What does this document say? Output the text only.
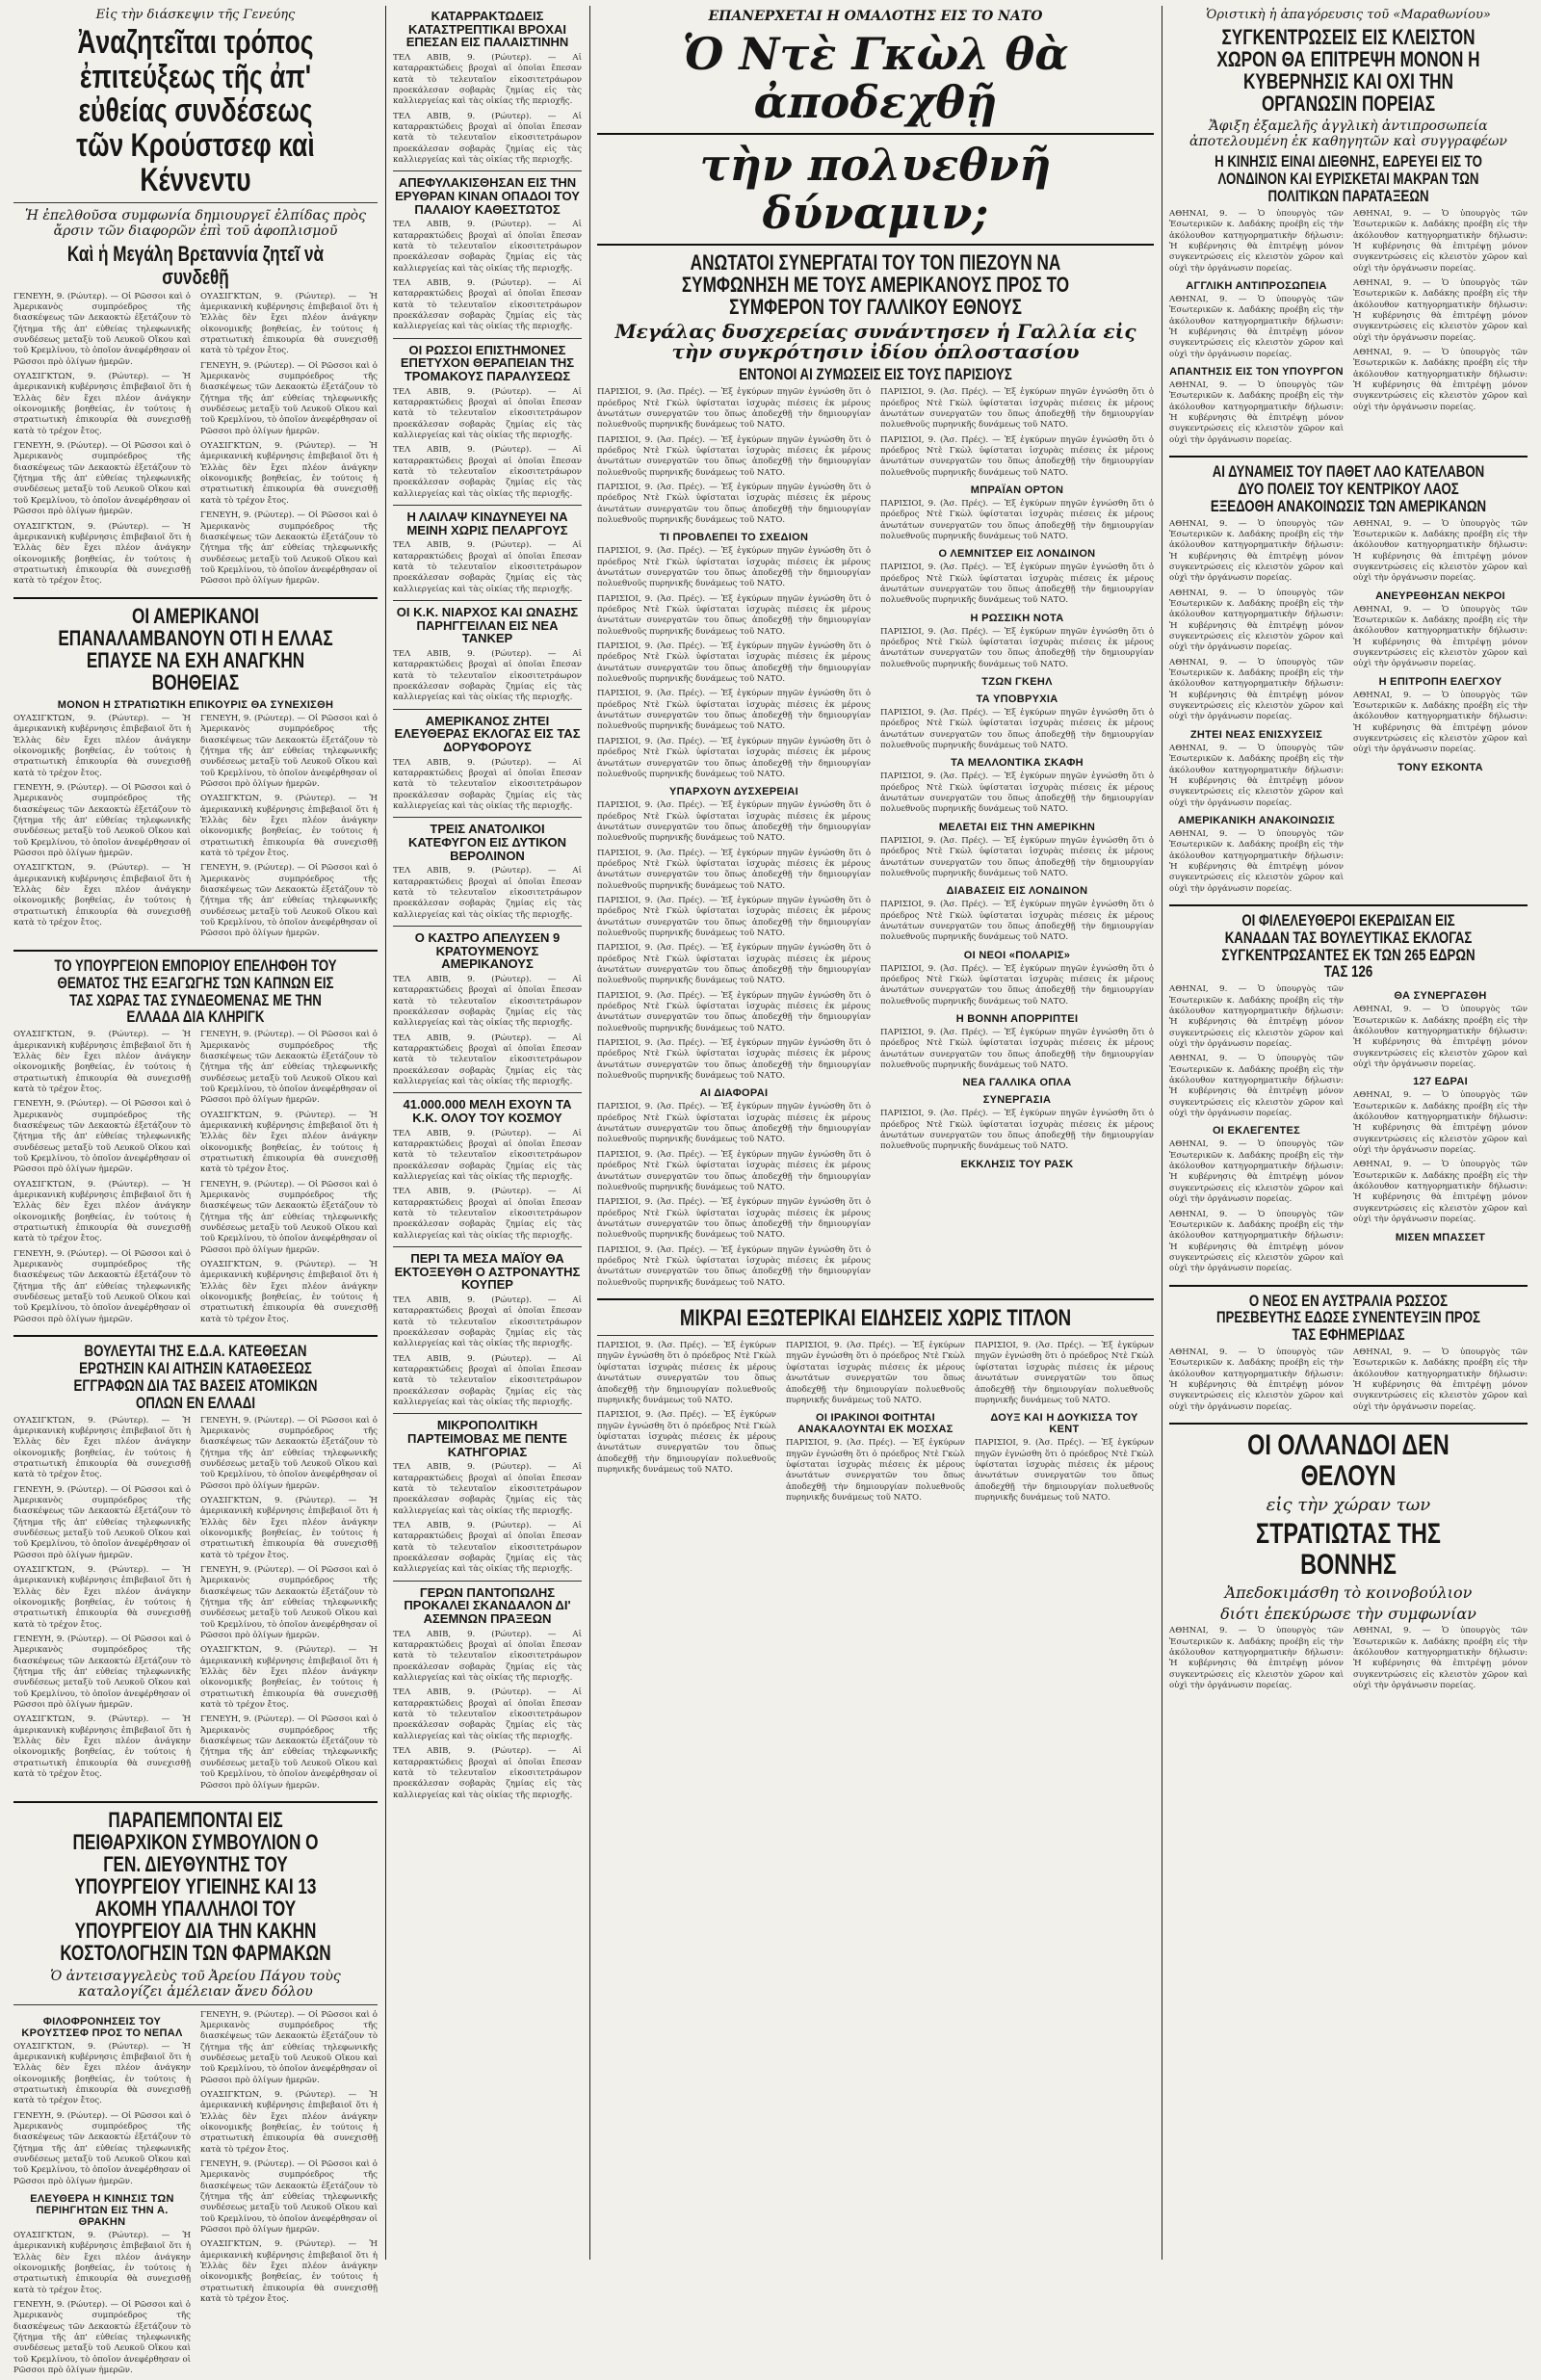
Εἰς τὴν διάσκεψιν τῆς Γενεύης
Ἀναζητεῖται τρόπος ἐπιτεύξεως τῆς ἀπ' εὐθείας συνδέσεως τῶν Κρούστσεφ καὶ Κέννεντυ
Ἡ ἐπελθοῦσα συμφωνία δημιουργεῖ ἐλπίδας πρὸς ἄρσιν τῶν διαφορῶν ἐπὶ τοῦ ἀφοπλισμοῦ
Καὶ ἡ Μεγάλη Βρεταννία ζητεῖ νὰ συνδεθῇ

ΓΕΝΕΥΗ, 9. (Ρώυτερ). — Οἱ Ρῶσσοι καὶ ὁ Ἀμερικανὸς συμπρόεδρος τῆς διασκέψεως τῶν Δεκαοκτὼ ἐξετάζουν τὸ ζήτημα τῆς ἀπ' εὐθείας τηλεφωνικῆς συνδέσεως μεταξὺ τοῦ Λευκοῦ Οἴκου καὶ τοῦ Κρεμλίνου, τὸ ὁποῖον ἀνεφέρθησαν οἱ Ρῶσσοι πρὸ ὀλίγων ἡμερῶν.

ΟΥΑΣΙΓΚΤΩΝ, 9. (Ρώυτερ). — Ἡ ἀμερικανικὴ κυβέρνησις ἐπιβεβαιοῖ ὅτι ἡ Ἑλλὰς δὲν ἔχει πλέον ἀνάγκην οἰκονομικῆς βοηθείας, ἐν τούτοις ἡ στρατιωτικὴ ἐπικουρία θὰ συνεχισθῇ κατὰ τὸ τρέχον ἔτος.

ΓΕΝΕΥΗ, 9. (Ρώυτερ). — Οἱ Ρῶσσοι καὶ ὁ Ἀμερικανὸς συμπρόεδρος τῆς διασκέψεως τῶν Δεκαοκτὼ ἐξετάζουν τὸ ζήτημα τῆς ἀπ' εὐθείας τηλεφωνικῆς συνδέσεως μεταξὺ τοῦ Λευκοῦ Οἴκου καὶ τοῦ Κρεμλίνου, τὸ ὁποῖον ἀνεφέρθησαν οἱ Ρῶσσοι πρὸ ὀλίγων ἡμερῶν.

ΟΥΑΣΙΓΚΤΩΝ, 9. (Ρώυτερ). — Ἡ ἀμερικανικὴ κυβέρνησις ἐπιβεβαιοῖ ὅτι ἡ Ἑλλὰς δὲν ἔχει πλέον ἀνάγκην οἰκονομικῆς βοηθείας, ἐν τούτοις ἡ στρατιωτικὴ ἐπικουρία θὰ συνεχισθῇ κατὰ τὸ τρέχον ἔτος.

ΟΥΑΣΙΓΚΤΩΝ, 9. (Ρώυτερ). — Ἡ ἀμερικανικὴ κυβέρνησις ἐπιβεβαιοῖ ὅτι ἡ Ἑλλὰς δὲν ἔχει πλέον ἀνάγκην οἰκονομικῆς βοηθείας, ἐν τούτοις ἡ στρατιωτικὴ ἐπικουρία θὰ συνεχισθῇ κατὰ τὸ τρέχον ἔτος.

ΓΕΝΕΥΗ, 9. (Ρώυτερ). — Οἱ Ρῶσσοι καὶ ὁ Ἀμερικανὸς συμπρόεδρος τῆς διασκέψεως τῶν Δεκαοκτὼ ἐξετάζουν τὸ ζήτημα τῆς ἀπ' εὐθείας τηλεφωνικῆς συνδέσεως μεταξὺ τοῦ Λευκοῦ Οἴκου καὶ τοῦ Κρεμλίνου, τὸ ὁποῖον ἀνεφέρθησαν οἱ Ρῶσσοι πρὸ ὀλίγων ἡμερῶν.

ΟΥΑΣΙΓΚΤΩΝ, 9. (Ρώυτερ). — Ἡ ἀμερικανικὴ κυβέρνησις ἐπιβεβαιοῖ ὅτι ἡ Ἑλλὰς δὲν ἔχει πλέον ἀνάγκην οἰκονομικῆς βοηθείας, ἐν τούτοις ἡ στρατιωτικὴ ἐπικουρία θὰ συνεχισθῇ κατὰ τὸ τρέχον ἔτος.

ΓΕΝΕΥΗ, 9. (Ρώυτερ). — Οἱ Ρῶσσοι καὶ ὁ Ἀμερικανὸς συμπρόεδρος τῆς διασκέψεως τῶν Δεκαοκτὼ ἐξετάζουν τὸ ζήτημα τῆς ἀπ' εὐθείας τηλεφωνικῆς συνδέσεως μεταξὺ τοῦ Λευκοῦ Οἴκου καὶ τοῦ Κρεμλίνου, τὸ ὁποῖον ἀνεφέρθησαν οἱ Ρῶσσοι πρὸ ὀλίγων ἡμερῶν.

ΟΙ ΑΜΕΡΙΚΑΝΟΙ ΕΠΑΝΑΛΑΜΒΑΝΟΥΝ ΟΤΙ Η ΕΛΛΑΣ ΕΠΑΥΣΕ ΝΑ ΕΧΗ ΑΝΑΓΚΗΝ ΒΟΗΘΕΙΑΣ
ΜΟΝΟΝ Η ΣΤΡΑΤΙΩΤΙΚΗ ΕΠΙΚΟΥΡΙΣ ΘΑ ΣΥΝΕΧΙΣΘΗ

ΟΥΑΣΙΓΚΤΩΝ, 9. (Ρώυτερ). — Ἡ ἀμερικανικὴ κυβέρνησις ἐπιβεβαιοῖ ὅτι ἡ Ἑλλὰς δὲν ἔχει πλέον ἀνάγκην οἰκονομικῆς βοηθείας, ἐν τούτοις ἡ στρατιωτικὴ ἐπικουρία θὰ συνεχισθῇ κατὰ τὸ τρέχον ἔτος.

ΓΕΝΕΥΗ, 9. (Ρώυτερ). — Οἱ Ρῶσσοι καὶ ὁ Ἀμερικανὸς συμπρόεδρος τῆς διασκέψεως τῶν Δεκαοκτὼ ἐξετάζουν τὸ ζήτημα τῆς ἀπ' εὐθείας τηλεφωνικῆς συνδέσεως μεταξὺ τοῦ Λευκοῦ Οἴκου καὶ τοῦ Κρεμλίνου, τὸ ὁποῖον ἀνεφέρθησαν οἱ Ρῶσσοι πρὸ ὀλίγων ἡμερῶν.

ΟΥΑΣΙΓΚΤΩΝ, 9. (Ρώυτερ). — Ἡ ἀμερικανικὴ κυβέρνησις ἐπιβεβαιοῖ ὅτι ἡ Ἑλλὰς δὲν ἔχει πλέον ἀνάγκην οἰκονομικῆς βοηθείας, ἐν τούτοις ἡ στρατιωτικὴ ἐπικουρία θὰ συνεχισθῇ κατὰ τὸ τρέχον ἔτος.

ΓΕΝΕΥΗ, 9. (Ρώυτερ). — Οἱ Ρῶσσοι καὶ ὁ Ἀμερικανὸς συμπρόεδρος τῆς διασκέψεως τῶν Δεκαοκτὼ ἐξετάζουν τὸ ζήτημα τῆς ἀπ' εὐθείας τηλεφωνικῆς συνδέσεως μεταξὺ τοῦ Λευκοῦ Οἴκου καὶ τοῦ Κρεμλίνου, τὸ ὁποῖον ἀνεφέρθησαν οἱ Ρῶσσοι πρὸ ὀλίγων ἡμερῶν.

ΟΥΑΣΙΓΚΤΩΝ, 9. (Ρώυτερ). — Ἡ ἀμερικανικὴ κυβέρνησις ἐπιβεβαιοῖ ὅτι ἡ Ἑλλὰς δὲν ἔχει πλέον ἀνάγκην οἰκονομικῆς βοηθείας, ἐν τούτοις ἡ στρατιωτικὴ ἐπικουρία θὰ συνεχισθῇ κατὰ τὸ τρέχον ἔτος.

ΓΕΝΕΥΗ, 9. (Ρώυτερ). — Οἱ Ρῶσσοι καὶ ὁ Ἀμερικανὸς συμπρόεδρος τῆς διασκέψεως τῶν Δεκαοκτὼ ἐξετάζουν τὸ ζήτημα τῆς ἀπ' εὐθείας τηλεφωνικῆς συνδέσεως μεταξὺ τοῦ Λευκοῦ Οἴκου καὶ τοῦ Κρεμλίνου, τὸ ὁποῖον ἀνεφέρθησαν οἱ Ρῶσσοι πρὸ ὀλίγων ἡμερῶν.

ΤΟ ΥΠΟΥΡΓΕΙΟΝ ΕΜΠΟΡΙΟΥ ΕΠΕΛΗΦΘΗ ΤΟΥ ΘΕΜΑΤΟΣ ΤΗΣ ΕΞΑΓΩΓΗΣ ΤΩΝ ΚΑΠΝΩΝ ΕΙΣ ΤΑΣ ΧΩΡΑΣ ΤΑΣ ΣΥΝΔΕΟΜΕΝΑΣ ΜΕ ΤΗΝ ΕΛΛΑΔΑ ΔΙΑ ΚΛΗΡΙΓΚ

ΟΥΑΣΙΓΚΤΩΝ, 9. (Ρώυτερ). — Ἡ ἀμερικανικὴ κυβέρνησις ἐπιβεβαιοῖ ὅτι ἡ Ἑλλὰς δὲν ἔχει πλέον ἀνάγκην οἰκονομικῆς βοηθείας, ἐν τούτοις ἡ στρατιωτικὴ ἐπικουρία θὰ συνεχισθῇ κατὰ τὸ τρέχον ἔτος.

ΓΕΝΕΥΗ, 9. (Ρώυτερ). — Οἱ Ρῶσσοι καὶ ὁ Ἀμερικανὸς συμπρόεδρος τῆς διασκέψεως τῶν Δεκαοκτὼ ἐξετάζουν τὸ ζήτημα τῆς ἀπ' εὐθείας τηλεφωνικῆς συνδέσεως μεταξὺ τοῦ Λευκοῦ Οἴκου καὶ τοῦ Κρεμλίνου, τὸ ὁποῖον ἀνεφέρθησαν οἱ Ρῶσσοι πρὸ ὀλίγων ἡμερῶν.

ΟΥΑΣΙΓΚΤΩΝ, 9. (Ρώυτερ). — Ἡ ἀμερικανικὴ κυβέρνησις ἐπιβεβαιοῖ ὅτι ἡ Ἑλλὰς δὲν ἔχει πλέον ἀνάγκην οἰκονομικῆς βοηθείας, ἐν τούτοις ἡ στρατιωτικὴ ἐπικουρία θὰ συνεχισθῇ κατὰ τὸ τρέχον ἔτος.

ΓΕΝΕΥΗ, 9. (Ρώυτερ). — Οἱ Ρῶσσοι καὶ ὁ Ἀμερικανὸς συμπρόεδρος τῆς διασκέψεως τῶν Δεκαοκτὼ ἐξετάζουν τὸ ζήτημα τῆς ἀπ' εὐθείας τηλεφωνικῆς συνδέσεως μεταξὺ τοῦ Λευκοῦ Οἴκου καὶ τοῦ Κρεμλίνου, τὸ ὁποῖον ἀνεφέρθησαν οἱ Ρῶσσοι πρὸ ὀλίγων ἡμερῶν.

ΓΕΝΕΥΗ, 9. (Ρώυτερ). — Οἱ Ρῶσσοι καὶ ὁ Ἀμερικανὸς συμπρόεδρος τῆς διασκέψεως τῶν Δεκαοκτὼ ἐξετάζουν τὸ ζήτημα τῆς ἀπ' εὐθείας τηλεφωνικῆς συνδέσεως μεταξὺ τοῦ Λευκοῦ Οἴκου καὶ τοῦ Κρεμλίνου, τὸ ὁποῖον ἀνεφέρθησαν οἱ Ρῶσσοι πρὸ ὀλίγων ἡμερῶν.

ΟΥΑΣΙΓΚΤΩΝ, 9. (Ρώυτερ). — Ἡ ἀμερικανικὴ κυβέρνησις ἐπιβεβαιοῖ ὅτι ἡ Ἑλλὰς δὲν ἔχει πλέον ἀνάγκην οἰκονομικῆς βοηθείας, ἐν τούτοις ἡ στρατιωτικὴ ἐπικουρία θὰ συνεχισθῇ κατὰ τὸ τρέχον ἔτος.

ΓΕΝΕΥΗ, 9. (Ρώυτερ). — Οἱ Ρῶσσοι καὶ ὁ Ἀμερικανὸς συμπρόεδρος τῆς διασκέψεως τῶν Δεκαοκτὼ ἐξετάζουν τὸ ζήτημα τῆς ἀπ' εὐθείας τηλεφωνικῆς συνδέσεως μεταξὺ τοῦ Λευκοῦ Οἴκου καὶ τοῦ Κρεμλίνου, τὸ ὁποῖον ἀνεφέρθησαν οἱ Ρῶσσοι πρὸ ὀλίγων ἡμερῶν.

ΟΥΑΣΙΓΚΤΩΝ, 9. (Ρώυτερ). — Ἡ ἀμερικανικὴ κυβέρνησις ἐπιβεβαιοῖ ὅτι ἡ Ἑλλὰς δὲν ἔχει πλέον ἀνάγκην οἰκονομικῆς βοηθείας, ἐν τούτοις ἡ στρατιωτικὴ ἐπικουρία θὰ συνεχισθῇ κατὰ τὸ τρέχον ἔτος.

ΒΟΥΛΕΥΤΑΙ ΤΗΣ Ε.Δ.Α. ΚΑΤΕΘΕΣΑΝ ΕΡΩΤΗΣΙΝ ΚΑΙ ΑΙΤΗΣΙΝ ΚΑΤΑΘΕΣΕΩΣ ΕΓΓΡΑΦΩΝ ΔΙΑ ΤΑΣ ΒΑΣΕΙΣ ΑΤΟΜΙΚΩΝ ΟΠΛΩΝ ΕΝ ΕΛΛΑΔΙ

ΟΥΑΣΙΓΚΤΩΝ, 9. (Ρώυτερ). — Ἡ ἀμερικανικὴ κυβέρνησις ἐπιβεβαιοῖ ὅτι ἡ Ἑλλὰς δὲν ἔχει πλέον ἀνάγκην οἰκονομικῆς βοηθείας, ἐν τούτοις ἡ στρατιωτικὴ ἐπικουρία θὰ συνεχισθῇ κατὰ τὸ τρέχον ἔτος.

ΓΕΝΕΥΗ, 9. (Ρώυτερ). — Οἱ Ρῶσσοι καὶ ὁ Ἀμερικανὸς συμπρόεδρος τῆς διασκέψεως τῶν Δεκαοκτὼ ἐξετάζουν τὸ ζήτημα τῆς ἀπ' εὐθείας τηλεφωνικῆς συνδέσεως μεταξὺ τοῦ Λευκοῦ Οἴκου καὶ τοῦ Κρεμλίνου, τὸ ὁποῖον ἀνεφέρθησαν οἱ Ρῶσσοι πρὸ ὀλίγων ἡμερῶν.

ΟΥΑΣΙΓΚΤΩΝ, 9. (Ρώυτερ). — Ἡ ἀμερικανικὴ κυβέρνησις ἐπιβεβαιοῖ ὅτι ἡ Ἑλλὰς δὲν ἔχει πλέον ἀνάγκην οἰκονομικῆς βοηθείας, ἐν τούτοις ἡ στρατιωτικὴ ἐπικουρία θὰ συνεχισθῇ κατὰ τὸ τρέχον ἔτος.

ΓΕΝΕΥΗ, 9. (Ρώυτερ). — Οἱ Ρῶσσοι καὶ ὁ Ἀμερικανὸς συμπρόεδρος τῆς διασκέψεως τῶν Δεκαοκτὼ ἐξετάζουν τὸ ζήτημα τῆς ἀπ' εὐθείας τηλεφωνικῆς συνδέσεως μεταξὺ τοῦ Λευκοῦ Οἴκου καὶ τοῦ Κρεμλίνου, τὸ ὁποῖον ἀνεφέρθησαν οἱ Ρῶσσοι πρὸ ὀλίγων ἡμερῶν.

ΟΥΑΣΙΓΚΤΩΝ, 9. (Ρώυτερ). — Ἡ ἀμερικανικὴ κυβέρνησις ἐπιβεβαιοῖ ὅτι ἡ Ἑλλὰς δὲν ἔχει πλέον ἀνάγκην οἰκονομικῆς βοηθείας, ἐν τούτοις ἡ στρατιωτικὴ ἐπικουρία θὰ συνεχισθῇ κατὰ τὸ τρέχον ἔτος.

ΓΕΝΕΥΗ, 9. (Ρώυτερ). — Οἱ Ρῶσσοι καὶ ὁ Ἀμερικανὸς συμπρόεδρος τῆς διασκέψεως τῶν Δεκαοκτὼ ἐξετάζουν τὸ ζήτημα τῆς ἀπ' εὐθείας τηλεφωνικῆς συνδέσεως μεταξὺ τοῦ Λευκοῦ Οἴκου καὶ τοῦ Κρεμλίνου, τὸ ὁποῖον ἀνεφέρθησαν οἱ Ρῶσσοι πρὸ ὀλίγων ἡμερῶν.

ΟΥΑΣΙΓΚΤΩΝ, 9. (Ρώυτερ). — Ἡ ἀμερικανικὴ κυβέρνησις ἐπιβεβαιοῖ ὅτι ἡ Ἑλλὰς δὲν ἔχει πλέον ἀνάγκην οἰκονομικῆς βοηθείας, ἐν τούτοις ἡ στρατιωτικὴ ἐπικουρία θὰ συνεχισθῇ κατὰ τὸ τρέχον ἔτος.

ΓΕΝΕΥΗ, 9. (Ρώυτερ). — Οἱ Ρῶσσοι καὶ ὁ Ἀμερικανὸς συμπρόεδρος τῆς διασκέψεως τῶν Δεκαοκτὼ ἐξετάζουν τὸ ζήτημα τῆς ἀπ' εὐθείας τηλεφωνικῆς συνδέσεως μεταξὺ τοῦ Λευκοῦ Οἴκου καὶ τοῦ Κρεμλίνου, τὸ ὁποῖον ἀνεφέρθησαν οἱ Ρῶσσοι πρὸ ὀλίγων ἡμερῶν.

ΟΥΑΣΙΓΚΤΩΝ, 9. (Ρώυτερ). — Ἡ ἀμερικανικὴ κυβέρνησις ἐπιβεβαιοῖ ὅτι ἡ Ἑλλὰς δὲν ἔχει πλέον ἀνάγκην οἰκονομικῆς βοηθείας, ἐν τούτοις ἡ στρατιωτικὴ ἐπικουρία θὰ συνεχισθῇ κατὰ τὸ τρέχον ἔτος.

ΓΕΝΕΥΗ, 9. (Ρώυτερ). — Οἱ Ρῶσσοι καὶ ὁ Ἀμερικανὸς συμπρόεδρος τῆς διασκέψεως τῶν Δεκαοκτὼ ἐξετάζουν τὸ ζήτημα τῆς ἀπ' εὐθείας τηλεφωνικῆς συνδέσεως μεταξὺ τοῦ Λευκοῦ Οἴκου καὶ τοῦ Κρεμλίνου, τὸ ὁποῖον ἀνεφέρθησαν οἱ Ρῶσσοι πρὸ ὀλίγων ἡμερῶν.

ΠΑΡΑΠΕΜΠΟΝΤΑΙ ΕΙΣ ΠΕΙΘΑΡΧΙΚΟΝ ΣΥΜΒΟΥΛΙΟΝ Ο ΓΕΝ. ΔΙΕΥΘΥΝΤΗΣ ΤΟΥ ΥΠΟΥΡΓΕΙΟΥ ΥΓΙΕΙΝΗΣ ΚΑΙ 13 ΑΚΟΜΗ ΥΠΑΛΛΗΛΟΙ ΤΟΥ ΥΠΟΥΡΓΕΙΟΥ ΔΙΑ ΤΗΝ ΚΑΚΗΝ ΚΟΣΤΟΛΟΓΗΣΙΝ ΤΩΝ ΦΑΡΜΑΚΩΝ
Ὁ ἀντεισαγγελεὺς τοῦ Ἀρείου Πάγου τοὺς καταλογίζει ἀμέλειαν ἄνευ δόλου
ΦΙΛΟΦΡΟΝΗΣΕΙΣ ΤΟΥ ΚΡΟΥΣΤΣΕΦ ΠΡΟΣ ΤΟ ΝΕΠΑΛ

ΟΥΑΣΙΓΚΤΩΝ, 9. (Ρώυτερ). — Ἡ ἀμερικανικὴ κυβέρνησις ἐπιβεβαιοῖ ὅτι ἡ Ἑλλὰς δὲν ἔχει πλέον ἀνάγκην οἰκονομικῆς βοηθείας, ἐν τούτοις ἡ στρατιωτικὴ ἐπικουρία θὰ συνεχισθῇ κατὰ τὸ τρέχον ἔτος.

ΓΕΝΕΥΗ, 9. (Ρώυτερ). — Οἱ Ρῶσσοι καὶ ὁ Ἀμερικανὸς συμπρόεδρος τῆς διασκέψεως τῶν Δεκαοκτὼ ἐξετάζουν τὸ ζήτημα τῆς ἀπ' εὐθείας τηλεφωνικῆς συνδέσεως μεταξὺ τοῦ Λευκοῦ Οἴκου καὶ τοῦ Κρεμλίνου, τὸ ὁποῖον ἀνεφέρθησαν οἱ Ρῶσσοι πρὸ ὀλίγων ἡμερῶν.

ΕΛΕΥΘΕΡΑ Η ΚΙΝΗΣΙΣ ΤΩΝ ΠΕΡΙΗΓΗΤΩΝ ΕΙΣ ΤΗΝ Α. ΘΡΑΚΗΝ

ΟΥΑΣΙΓΚΤΩΝ, 9. (Ρώυτερ). — Ἡ ἀμερικανικὴ κυβέρνησις ἐπιβεβαιοῖ ὅτι ἡ Ἑλλὰς δὲν ἔχει πλέον ἀνάγκην οἰκονομικῆς βοηθείας, ἐν τούτοις ἡ στρατιωτικὴ ἐπικουρία θὰ συνεχισθῇ κατὰ τὸ τρέχον ἔτος.

ΓΕΝΕΥΗ, 9. (Ρώυτερ). — Οἱ Ρῶσσοι καὶ ὁ Ἀμερικανὸς συμπρόεδρος τῆς διασκέψεως τῶν Δεκαοκτὼ ἐξετάζουν τὸ ζήτημα τῆς ἀπ' εὐθείας τηλεφωνικῆς συνδέσεως μεταξὺ τοῦ Λευκοῦ Οἴκου καὶ τοῦ Κρεμλίνου, τὸ ὁποῖον ἀνεφέρθησαν οἱ Ρῶσσοι πρὸ ὀλίγων ἡμερῶν.

ΓΕΝΕΥΗ, 9. (Ρώυτερ). — Οἱ Ρῶσσοι καὶ ὁ Ἀμερικανὸς συμπρόεδρος τῆς διασκέψεως τῶν Δεκαοκτὼ ἐξετάζουν τὸ ζήτημα τῆς ἀπ' εὐθείας τηλεφωνικῆς συνδέσεως μεταξὺ τοῦ Λευκοῦ Οἴκου καὶ τοῦ Κρεμλίνου, τὸ ὁποῖον ἀνεφέρθησαν οἱ Ρῶσσοι πρὸ ὀλίγων ἡμερῶν.

ΟΥΑΣΙΓΚΤΩΝ, 9. (Ρώυτερ). — Ἡ ἀμερικανικὴ κυβέρνησις ἐπιβεβαιοῖ ὅτι ἡ Ἑλλὰς δὲν ἔχει πλέον ἀνάγκην οἰκονομικῆς βοηθείας, ἐν τούτοις ἡ στρατιωτικὴ ἐπικουρία θὰ συνεχισθῇ κατὰ τὸ τρέχον ἔτος.

ΓΕΝΕΥΗ, 9. (Ρώυτερ). — Οἱ Ρῶσσοι καὶ ὁ Ἀμερικανὸς συμπρόεδρος τῆς διασκέψεως τῶν Δεκαοκτὼ ἐξετάζουν τὸ ζήτημα τῆς ἀπ' εὐθείας τηλεφωνικῆς συνδέσεως μεταξὺ τοῦ Λευκοῦ Οἴκου καὶ τοῦ Κρεμλίνου, τὸ ὁποῖον ἀνεφέρθησαν οἱ Ρῶσσοι πρὸ ὀλίγων ἡμερῶν.

ΟΥΑΣΙΓΚΤΩΝ, 9. (Ρώυτερ). — Ἡ ἀμερικανικὴ κυβέρνησις ἐπιβεβαιοῖ ὅτι ἡ Ἑλλὰς δὲν ἔχει πλέον ἀνάγκην οἰκονομικῆς βοηθείας, ἐν τούτοις ἡ στρατιωτικὴ ἐπικουρία θὰ συνεχισθῇ κατὰ τὸ τρέχον ἔτος.

ΚΑΤΑΡΡΑΚΤΩΔΕΙΣ ΚΑΤΑΣΤΡΕΠΤΙΚΑΙ ΒΡΟΧΑΙ ΕΠΕΣΑΝ ΕΙΣ ΠΑΛΑΙΣΤΙΝΗΝ

ΤΕΛ ΑΒΙΒ, 9. (Ρώυτερ). — Αἱ καταρρακτώδεις βροχαὶ αἱ ὁποῖαι ἔπεσαν κατὰ τὸ τελευταῖον εἰκοσιτετράωρον προεκάλεσαν σοβαρὰς ζημίας εἰς τὰς καλλιεργείας καὶ τὰς οἰκίας τῆς περιοχῆς.

ΤΕΛ ΑΒΙΒ, 9. (Ρώυτερ). — Αἱ καταρρακτώδεις βροχαὶ αἱ ὁποῖαι ἔπεσαν κατὰ τὸ τελευταῖον εἰκοσιτετράωρον προεκάλεσαν σοβαρὰς ζημίας εἰς τὰς καλλιεργείας καὶ τὰς οἰκίας τῆς περιοχῆς.

ΑΠΕΦΥΛΑΚΙΣΘΗΣΑΝ ΕΙΣ ΤΗΝ ΕΡΥΘΡΑΝ ΚΙΝΑΝ ΟΠΑΔΟΙ ΤΟΥ ΠΑΛΑΙΟΥ ΚΑΘΕΣΤΩΤΟΣ

ΤΕΛ ΑΒΙΒ, 9. (Ρώυτερ). — Αἱ καταρρακτώδεις βροχαὶ αἱ ὁποῖαι ἔπεσαν κατὰ τὸ τελευταῖον εἰκοσιτετράωρον προεκάλεσαν σοβαρὰς ζημίας εἰς τὰς καλλιεργείας καὶ τὰς οἰκίας τῆς περιοχῆς.

ΤΕΛ ΑΒΙΒ, 9. (Ρώυτερ). — Αἱ καταρρακτώδεις βροχαὶ αἱ ὁποῖαι ἔπεσαν κατὰ τὸ τελευταῖον εἰκοσιτετράωρον προεκάλεσαν σοβαρὰς ζημίας εἰς τὰς καλλιεργείας καὶ τὰς οἰκίας τῆς περιοχῆς.

ΟΙ ΡΩΣΣΟΙ ΕΠΙΣΤΗΜΟΝΕΣ ΕΠΕΤΥΧΟΝ ΘΕΡΑΠΕΙΑΝ ΤΗΣ ΤΡΟΜΑΚΟΥΣ ΠΑΡΑΛΥΣΕΩΣ

ΤΕΛ ΑΒΙΒ, 9. (Ρώυτερ). — Αἱ καταρρακτώδεις βροχαὶ αἱ ὁποῖαι ἔπεσαν κατὰ τὸ τελευταῖον εἰκοσιτετράωρον προεκάλεσαν σοβαρὰς ζημίας εἰς τὰς καλλιεργείας καὶ τὰς οἰκίας τῆς περιοχῆς.

ΤΕΛ ΑΒΙΒ, 9. (Ρώυτερ). — Αἱ καταρρακτώδεις βροχαὶ αἱ ὁποῖαι ἔπεσαν κατὰ τὸ τελευταῖον εἰκοσιτετράωρον προεκάλεσαν σοβαρὰς ζημίας εἰς τὰς καλλιεργείας καὶ τὰς οἰκίας τῆς περιοχῆς.

Η ΛΑΙΛΑΨ ΚΙΝΔΥΝΕΥΕΙ ΝΑ ΜΕΙΝΗ ΧΩΡΙΣ ΠΕΛΑΡΓΟΥΣ

ΤΕΛ ΑΒΙΒ, 9. (Ρώυτερ). — Αἱ καταρρακτώδεις βροχαὶ αἱ ὁποῖαι ἔπεσαν κατὰ τὸ τελευταῖον εἰκοσιτετράωρον προεκάλεσαν σοβαρὰς ζημίας εἰς τὰς καλλιεργείας καὶ τὰς οἰκίας τῆς περιοχῆς.

ΟΙ Κ.Κ. ΝΙΑΡΧΟΣ ΚΑΙ ΩΝΑΣΗΣ ΠΑΡΗΓΓΕΙΛΑΝ ΕΙΣ ΝΕΑ ΤΑΝΚΕΡ

ΤΕΛ ΑΒΙΒ, 9. (Ρώυτερ). — Αἱ καταρρακτώδεις βροχαὶ αἱ ὁποῖαι ἔπεσαν κατὰ τὸ τελευταῖον εἰκοσιτετράωρον προεκάλεσαν σοβαρὰς ζημίας εἰς τὰς καλλιεργείας καὶ τὰς οἰκίας τῆς περιοχῆς.

ΑΜΕΡΙΚΑΝΟΣ ΖΗΤΕΙ ΕΛΕΥΘΕΡΑΣ ΕΚΛΟΓΑΣ ΕΙΣ ΤΑΣ ΔΟΡΥΦΟΡΟΥΣ

ΤΕΛ ΑΒΙΒ, 9. (Ρώυτερ). — Αἱ καταρρακτώδεις βροχαὶ αἱ ὁποῖαι ἔπεσαν κατὰ τὸ τελευταῖον εἰκοσιτετράωρον προεκάλεσαν σοβαρὰς ζημίας εἰς τὰς καλλιεργείας καὶ τὰς οἰκίας τῆς περιοχῆς.

ΤΡΕΙΣ ΑΝΑΤΟΛΙΚΟΙ ΚΑΤΕΦΥΓΟΝ ΕΙΣ ΔΥΤΙΚΟΝ ΒΕΡΟΛΙΝΟΝ

ΤΕΛ ΑΒΙΒ, 9. (Ρώυτερ). — Αἱ καταρρακτώδεις βροχαὶ αἱ ὁποῖαι ἔπεσαν κατὰ τὸ τελευταῖον εἰκοσιτετράωρον προεκάλεσαν σοβαρὰς ζημίας εἰς τὰς καλλιεργείας καὶ τὰς οἰκίας τῆς περιοχῆς.

Ο ΚΑΣΤΡΟ ΑΠΕΛΥΣΕΝ 9 ΚΡΑΤΟΥΜΕΝΟΥΣ ΑΜΕΡΙΚΑΝΟΥΣ

ΤΕΛ ΑΒΙΒ, 9. (Ρώυτερ). — Αἱ καταρρακτώδεις βροχαὶ αἱ ὁποῖαι ἔπεσαν κατὰ τὸ τελευταῖον εἰκοσιτετράωρον προεκάλεσαν σοβαρὰς ζημίας εἰς τὰς καλλιεργείας καὶ τὰς οἰκίας τῆς περιοχῆς.

ΤΕΛ ΑΒΙΒ, 9. (Ρώυτερ). — Αἱ καταρρακτώδεις βροχαὶ αἱ ὁποῖαι ἔπεσαν κατὰ τὸ τελευταῖον εἰκοσιτετράωρον προεκάλεσαν σοβαρὰς ζημίας εἰς τὰς καλλιεργείας καὶ τὰς οἰκίας τῆς περιοχῆς.

41.000.000 ΜΕΛΗ ΕΧΟΥΝ ΤΑ Κ.Κ. ΟΛΟΥ ΤΟΥ ΚΟΣΜΟΥ

ΤΕΛ ΑΒΙΒ, 9. (Ρώυτερ). — Αἱ καταρρακτώδεις βροχαὶ αἱ ὁποῖαι ἔπεσαν κατὰ τὸ τελευταῖον εἰκοσιτετράωρον προεκάλεσαν σοβαρὰς ζημίας εἰς τὰς καλλιεργείας καὶ τὰς οἰκίας τῆς περιοχῆς.

ΤΕΛ ΑΒΙΒ, 9. (Ρώυτερ). — Αἱ καταρρακτώδεις βροχαὶ αἱ ὁποῖαι ἔπεσαν κατὰ τὸ τελευταῖον εἰκοσιτετράωρον προεκάλεσαν σοβαρὰς ζημίας εἰς τὰς καλλιεργείας καὶ τὰς οἰκίας τῆς περιοχῆς.

ΠΕΡΙ ΤΑ ΜΕΣΑ ΜΑΪΟΥ ΘΑ ΕΚΤΟΞΕΥΘΗ Ο ΑΣΤΡΟΝΑΥΤΗΣ ΚΟΥΠΕΡ

ΤΕΛ ΑΒΙΒ, 9. (Ρώυτερ). — Αἱ καταρρακτώδεις βροχαὶ αἱ ὁποῖαι ἔπεσαν κατὰ τὸ τελευταῖον εἰκοσιτετράωρον προεκάλεσαν σοβαρὰς ζημίας εἰς τὰς καλλιεργείας καὶ τὰς οἰκίας τῆς περιοχῆς.

ΤΕΛ ΑΒΙΒ, 9. (Ρώυτερ). — Αἱ καταρρακτώδεις βροχαὶ αἱ ὁποῖαι ἔπεσαν κατὰ τὸ τελευταῖον εἰκοσιτετράωρον προεκάλεσαν σοβαρὰς ζημίας εἰς τὰς καλλιεργείας καὶ τὰς οἰκίας τῆς περιοχῆς.

ΜΙΚΡΟΠΟΛΙΤΙΚΗ ΠΑΡΤΕΙΜΟΒΑΣ ΜΕ ΠΕΝΤΕ ΚΑΤΗΓΟΡΙΑΣ

ΤΕΛ ΑΒΙΒ, 9. (Ρώυτερ). — Αἱ καταρρακτώδεις βροχαὶ αἱ ὁποῖαι ἔπεσαν κατὰ τὸ τελευταῖον εἰκοσιτετράωρον προεκάλεσαν σοβαρὰς ζημίας εἰς τὰς καλλιεργείας καὶ τὰς οἰκίας τῆς περιοχῆς.

ΤΕΛ ΑΒΙΒ, 9. (Ρώυτερ). — Αἱ καταρρακτώδεις βροχαὶ αἱ ὁποῖαι ἔπεσαν κατὰ τὸ τελευταῖον εἰκοσιτετράωρον προεκάλεσαν σοβαρὰς ζημίας εἰς τὰς καλλιεργείας καὶ τὰς οἰκίας τῆς περιοχῆς.

ΓΕΡΩΝ ΠΑΝΤΟΠΩΛΗΣ ΠΡΟΚΑΛΕΙ ΣΚΑΝΔΑΛΟΝ ΔΙ' ΑΣΕΜΝΩΝ ΠΡΑΞΕΩΝ

ΤΕΛ ΑΒΙΒ, 9. (Ρώυτερ). — Αἱ καταρρακτώδεις βροχαὶ αἱ ὁποῖαι ἔπεσαν κατὰ τὸ τελευταῖον εἰκοσιτετράωρον προεκάλεσαν σοβαρὰς ζημίας εἰς τὰς καλλιεργείας καὶ τὰς οἰκίας τῆς περιοχῆς.

ΤΕΛ ΑΒΙΒ, 9. (Ρώυτερ). — Αἱ καταρρακτώδεις βροχαὶ αἱ ὁποῖαι ἔπεσαν κατὰ τὸ τελευταῖον εἰκοσιτετράωρον προεκάλεσαν σοβαρὰς ζημίας εἰς τὰς καλλιεργείας καὶ τὰς οἰκίας τῆς περιοχῆς.

ΤΕΛ ΑΒΙΒ, 9. (Ρώυτερ). — Αἱ καταρρακτώδεις βροχαὶ αἱ ὁποῖαι ἔπεσαν κατὰ τὸ τελευταῖον εἰκοσιτετράωρον προεκάλεσαν σοβαρὰς ζημίας εἰς τὰς καλλιεργείας καὶ τὰς οἰκίας τῆς περιοχῆς.

ΕΠΑΝΕΡΧΕΤΑΙ Η ΟΜΑΛΟΤΗΣ ΕΙΣ ΤΟ ΝΑΤΟ
Ὁ Ντὲ Γκὼλ θὰ ἀποδεχθῇ
τὴν πολυεθνῆ δύναμιν;
ΑΝΩΤΑΤΟΙ ΣΥΝΕΡΓΑΤΑΙ ΤΟΥ ΤΟΝ ΠΙΕΖΟΥΝ ΝΑ ΣΥΜΦΩΝΗΣΗ ΜΕ ΤΟΥΣ ΑΜΕΡΙΚΑΝΟΥΣ ΠΡΟΣ ΤΟ ΣΥΜΦΕΡΟΝ ΤΟΥ ΓΑΛΛΙΚΟΥ ΕΘΝΟΥΣ
Μεγάλας δυσχερείας συνάντησεν ἡ Γαλλία εἰς τὴν συγκρότησιν ἰδίου ὁπλοστασίου
ΕΝΤΟΝΟΙ ΑΙ ΖΥΜΩΣΕΙΣ ΕΙΣ ΤΟΥΣ ΠΑΡΙΣΙΟΥΣ

ΠΑΡΙΣΙΟΙ, 9. (Ἀσ. Πρές). — Ἐξ ἐγκύρων πηγῶν ἐγνώσθη ὅτι ὁ πρόεδρος Ντὲ Γκὼλ ὑφίσταται ἰσχυρὰς πιέσεις ἐκ μέρους ἀνωτάτων συνεργατῶν του ὅπως ἀποδεχθῇ τὴν δημιουργίαν πολυεθνοῦς πυρηνικῆς δυνάμεως τοῦ ΝΑΤΟ.

ΠΑΡΙΣΙΟΙ, 9. (Ἀσ. Πρές). — Ἐξ ἐγκύρων πηγῶν ἐγνώσθη ὅτι ὁ πρόεδρος Ντὲ Γκὼλ ὑφίσταται ἰσχυρὰς πιέσεις ἐκ μέρους ἀνωτάτων συνεργατῶν του ὅπως ἀποδεχθῇ τὴν δημιουργίαν πολυεθνοῦς πυρηνικῆς δυνάμεως τοῦ ΝΑΤΟ.

ΠΑΡΙΣΙΟΙ, 9. (Ἀσ. Πρές). — Ἐξ ἐγκύρων πηγῶν ἐγνώσθη ὅτι ὁ πρόεδρος Ντὲ Γκὼλ ὑφίσταται ἰσχυρὰς πιέσεις ἐκ μέρους ἀνωτάτων συνεργατῶν του ὅπως ἀποδεχθῇ τὴν δημιουργίαν πολυεθνοῦς πυρηνικῆς δυνάμεως τοῦ ΝΑΤΟ.

ΤΙ ΠΡΟΒΛΕΠΕΙ ΤΟ ΣΧΕΔΙΟΝ

ΠΑΡΙΣΙΟΙ, 9. (Ἀσ. Πρές). — Ἐξ ἐγκύρων πηγῶν ἐγνώσθη ὅτι ὁ πρόεδρος Ντὲ Γκὼλ ὑφίσταται ἰσχυρὰς πιέσεις ἐκ μέρους ἀνωτάτων συνεργατῶν του ὅπως ἀποδεχθῇ τὴν δημιουργίαν πολυεθνοῦς πυρηνικῆς δυνάμεως τοῦ ΝΑΤΟ.

ΠΑΡΙΣΙΟΙ, 9. (Ἀσ. Πρές). — Ἐξ ἐγκύρων πηγῶν ἐγνώσθη ὅτι ὁ πρόεδρος Ντὲ Γκὼλ ὑφίσταται ἰσχυρὰς πιέσεις ἐκ μέρους ἀνωτάτων συνεργατῶν του ὅπως ἀποδεχθῇ τὴν δημιουργίαν πολυεθνοῦς πυρηνικῆς δυνάμεως τοῦ ΝΑΤΟ.

ΠΑΡΙΣΙΟΙ, 9. (Ἀσ. Πρές). — Ἐξ ἐγκύρων πηγῶν ἐγνώσθη ὅτι ὁ πρόεδρος Ντὲ Γκὼλ ὑφίσταται ἰσχυρὰς πιέσεις ἐκ μέρους ἀνωτάτων συνεργατῶν του ὅπως ἀποδεχθῇ τὴν δημιουργίαν πολυεθνοῦς πυρηνικῆς δυνάμεως τοῦ ΝΑΤΟ.

ΠΑΡΙΣΙΟΙ, 9. (Ἀσ. Πρές). — Ἐξ ἐγκύρων πηγῶν ἐγνώσθη ὅτι ὁ πρόεδρος Ντὲ Γκὼλ ὑφίσταται ἰσχυρὰς πιέσεις ἐκ μέρους ἀνωτάτων συνεργατῶν του ὅπως ἀποδεχθῇ τὴν δημιουργίαν πολυεθνοῦς πυρηνικῆς δυνάμεως τοῦ ΝΑΤΟ.

ΠΑΡΙΣΙΟΙ, 9. (Ἀσ. Πρές). — Ἐξ ἐγκύρων πηγῶν ἐγνώσθη ὅτι ὁ πρόεδρος Ντὲ Γκὼλ ὑφίσταται ἰσχυρὰς πιέσεις ἐκ μέρους ἀνωτάτων συνεργατῶν του ὅπως ἀποδεχθῇ τὴν δημιουργίαν πολυεθνοῦς πυρηνικῆς δυνάμεως τοῦ ΝΑΤΟ.

ΥΠΑΡΧΟΥΝ ΔΥΣΧΕΡΕΙΑΙ

ΠΑΡΙΣΙΟΙ, 9. (Ἀσ. Πρές). — Ἐξ ἐγκύρων πηγῶν ἐγνώσθη ὅτι ὁ πρόεδρος Ντὲ Γκὼλ ὑφίσταται ἰσχυρὰς πιέσεις ἐκ μέρους ἀνωτάτων συνεργατῶν του ὅπως ἀποδεχθῇ τὴν δημιουργίαν πολυεθνοῦς πυρηνικῆς δυνάμεως τοῦ ΝΑΤΟ.

ΠΑΡΙΣΙΟΙ, 9. (Ἀσ. Πρές). — Ἐξ ἐγκύρων πηγῶν ἐγνώσθη ὅτι ὁ πρόεδρος Ντὲ Γκὼλ ὑφίσταται ἰσχυρὰς πιέσεις ἐκ μέρους ἀνωτάτων συνεργατῶν του ὅπως ἀποδεχθῇ τὴν δημιουργίαν πολυεθνοῦς πυρηνικῆς δυνάμεως τοῦ ΝΑΤΟ.

ΠΑΡΙΣΙΟΙ, 9. (Ἀσ. Πρές). — Ἐξ ἐγκύρων πηγῶν ἐγνώσθη ὅτι ὁ πρόεδρος Ντὲ Γκὼλ ὑφίσταται ἰσχυρὰς πιέσεις ἐκ μέρους ἀνωτάτων συνεργατῶν του ὅπως ἀποδεχθῇ τὴν δημιουργίαν πολυεθνοῦς πυρηνικῆς δυνάμεως τοῦ ΝΑΤΟ.

ΠΑΡΙΣΙΟΙ, 9. (Ἀσ. Πρές). — Ἐξ ἐγκύρων πηγῶν ἐγνώσθη ὅτι ὁ πρόεδρος Ντὲ Γκὼλ ὑφίσταται ἰσχυρὰς πιέσεις ἐκ μέρους ἀνωτάτων συνεργατῶν του ὅπως ἀποδεχθῇ τὴν δημιουργίαν πολυεθνοῦς πυρηνικῆς δυνάμεως τοῦ ΝΑΤΟ.

ΠΑΡΙΣΙΟΙ, 9. (Ἀσ. Πρές). — Ἐξ ἐγκύρων πηγῶν ἐγνώσθη ὅτι ὁ πρόεδρος Ντὲ Γκὼλ ὑφίσταται ἰσχυρὰς πιέσεις ἐκ μέρους ἀνωτάτων συνεργατῶν του ὅπως ἀποδεχθῇ τὴν δημιουργίαν πολυεθνοῦς πυρηνικῆς δυνάμεως τοῦ ΝΑΤΟ.

ΠΑΡΙΣΙΟΙ, 9. (Ἀσ. Πρές). — Ἐξ ἐγκύρων πηγῶν ἐγνώσθη ὅτι ὁ πρόεδρος Ντὲ Γκὼλ ὑφίσταται ἰσχυρὰς πιέσεις ἐκ μέρους ἀνωτάτων συνεργατῶν του ὅπως ἀποδεχθῇ τὴν δημιουργίαν πολυεθνοῦς πυρηνικῆς δυνάμεως τοῦ ΝΑΤΟ.

ΑΙ ΔΙΑΦΟΡΑΙ

ΠΑΡΙΣΙΟΙ, 9. (Ἀσ. Πρές). — Ἐξ ἐγκύρων πηγῶν ἐγνώσθη ὅτι ὁ πρόεδρος Ντὲ Γκὼλ ὑφίσταται ἰσχυρὰς πιέσεις ἐκ μέρους ἀνωτάτων συνεργατῶν του ὅπως ἀποδεχθῇ τὴν δημιουργίαν πολυεθνοῦς πυρηνικῆς δυνάμεως τοῦ ΝΑΤΟ.

ΠΑΡΙΣΙΟΙ, 9. (Ἀσ. Πρές). — Ἐξ ἐγκύρων πηγῶν ἐγνώσθη ὅτι ὁ πρόεδρος Ντὲ Γκὼλ ὑφίσταται ἰσχυρὰς πιέσεις ἐκ μέρους ἀνωτάτων συνεργατῶν του ὅπως ἀποδεχθῇ τὴν δημιουργίαν πολυεθνοῦς πυρηνικῆς δυνάμεως τοῦ ΝΑΤΟ.

ΠΑΡΙΣΙΟΙ, 9. (Ἀσ. Πρές). — Ἐξ ἐγκύρων πηγῶν ἐγνώσθη ὅτι ὁ πρόεδρος Ντὲ Γκὼλ ὑφίσταται ἰσχυρὰς πιέσεις ἐκ μέρους ἀνωτάτων συνεργατῶν του ὅπως ἀποδεχθῇ τὴν δημιουργίαν πολυεθνοῦς πυρηνικῆς δυνάμεως τοῦ ΝΑΤΟ.

ΠΑΡΙΣΙΟΙ, 9. (Ἀσ. Πρές). — Ἐξ ἐγκύρων πηγῶν ἐγνώσθη ὅτι ὁ πρόεδρος Ντὲ Γκὼλ ὑφίσταται ἰσχυρὰς πιέσεις ἐκ μέρους ἀνωτάτων συνεργατῶν του ὅπως ἀποδεχθῇ τὴν δημιουργίαν πολυεθνοῦς πυρηνικῆς δυνάμεως τοῦ ΝΑΤΟ.

ΠΑΡΙΣΙΟΙ, 9. (Ἀσ. Πρές). — Ἐξ ἐγκύρων πηγῶν ἐγνώσθη ὅτι ὁ πρόεδρος Ντὲ Γκὼλ ὑφίσταται ἰσχυρὰς πιέσεις ἐκ μέρους ἀνωτάτων συνεργατῶν του ὅπως ἀποδεχθῇ τὴν δημιουργίαν πολυεθνοῦς πυρηνικῆς δυνάμεως τοῦ ΝΑΤΟ.

ΠΑΡΙΣΙΟΙ, 9. (Ἀσ. Πρές). — Ἐξ ἐγκύρων πηγῶν ἐγνώσθη ὅτι ὁ πρόεδρος Ντὲ Γκὼλ ὑφίσταται ἰσχυρὰς πιέσεις ἐκ μέρους ἀνωτάτων συνεργατῶν του ὅπως ἀποδεχθῇ τὴν δημιουργίαν πολυεθνοῦς πυρηνικῆς δυνάμεως τοῦ ΝΑΤΟ.

ΜΠΡΑΪΑΝ ΟΡΤΟΝ

ΠΑΡΙΣΙΟΙ, 9. (Ἀσ. Πρές). — Ἐξ ἐγκύρων πηγῶν ἐγνώσθη ὅτι ὁ πρόεδρος Ντὲ Γκὼλ ὑφίσταται ἰσχυρὰς πιέσεις ἐκ μέρους ἀνωτάτων συνεργατῶν του ὅπως ἀποδεχθῇ τὴν δημιουργίαν πολυεθνοῦς πυρηνικῆς δυνάμεως τοῦ ΝΑΤΟ.

Ο ΛΕΜΝΙΤΣΕΡ ΕΙΣ ΛΟΝΔΙΝΟΝ

ΠΑΡΙΣΙΟΙ, 9. (Ἀσ. Πρές). — Ἐξ ἐγκύρων πηγῶν ἐγνώσθη ὅτι ὁ πρόεδρος Ντὲ Γκὼλ ὑφίσταται ἰσχυρὰς πιέσεις ἐκ μέρους ἀνωτάτων συνεργατῶν του ὅπως ἀποδεχθῇ τὴν δημιουργίαν πολυεθνοῦς πυρηνικῆς δυνάμεως τοῦ ΝΑΤΟ.

Η ΡΩΣΣΙΚΗ ΝΟΤΑ

ΠΑΡΙΣΙΟΙ, 9. (Ἀσ. Πρές). — Ἐξ ἐγκύρων πηγῶν ἐγνώσθη ὅτι ὁ πρόεδρος Ντὲ Γκὼλ ὑφίσταται ἰσχυρὰς πιέσεις ἐκ μέρους ἀνωτάτων συνεργατῶν του ὅπως ἀποδεχθῇ τὴν δημιουργίαν πολυεθνοῦς πυρηνικῆς δυνάμεως τοῦ ΝΑΤΟ.

ΤΖΩΝ ΓΚΕΗΛ
ΤΑ ΥΠΟΒΡΥΧΙΑ

ΠΑΡΙΣΙΟΙ, 9. (Ἀσ. Πρές). — Ἐξ ἐγκύρων πηγῶν ἐγνώσθη ὅτι ὁ πρόεδρος Ντὲ Γκὼλ ὑφίσταται ἰσχυρὰς πιέσεις ἐκ μέρους ἀνωτάτων συνεργατῶν του ὅπως ἀποδεχθῇ τὴν δημιουργίαν πολυεθνοῦς πυρηνικῆς δυνάμεως τοῦ ΝΑΤΟ.

ΤΑ ΜΕΛΛΟΝΤΙΚΑ ΣΚΑΦΗ

ΠΑΡΙΣΙΟΙ, 9. (Ἀσ. Πρές). — Ἐξ ἐγκύρων πηγῶν ἐγνώσθη ὅτι ὁ πρόεδρος Ντὲ Γκὼλ ὑφίσταται ἰσχυρὰς πιέσεις ἐκ μέρους ἀνωτάτων συνεργατῶν του ὅπως ἀποδεχθῇ τὴν δημιουργίαν πολυεθνοῦς πυρηνικῆς δυνάμεως τοῦ ΝΑΤΟ.

ΜΕΛΕΤΑΙ ΕΙΣ ΤΗΝ ΑΜΕΡΙΚΗΝ

ΠΑΡΙΣΙΟΙ, 9. (Ἀσ. Πρές). — Ἐξ ἐγκύρων πηγῶν ἐγνώσθη ὅτι ὁ πρόεδρος Ντὲ Γκὼλ ὑφίσταται ἰσχυρὰς πιέσεις ἐκ μέρους ἀνωτάτων συνεργατῶν του ὅπως ἀποδεχθῇ τὴν δημιουργίαν πολυεθνοῦς πυρηνικῆς δυνάμεως τοῦ ΝΑΤΟ.

ΔΙΑΒΑΣΕΙΣ ΕΙΣ ΛΟΝΔΙΝΟΝ

ΠΑΡΙΣΙΟΙ, 9. (Ἀσ. Πρές). — Ἐξ ἐγκύρων πηγῶν ἐγνώσθη ὅτι ὁ πρόεδρος Ντὲ Γκὼλ ὑφίσταται ἰσχυρὰς πιέσεις ἐκ μέρους ἀνωτάτων συνεργατῶν του ὅπως ἀποδεχθῇ τὴν δημιουργίαν πολυεθνοῦς πυρηνικῆς δυνάμεως τοῦ ΝΑΤΟ.

ΟΙ ΝΕΟΙ «ΠΟΛΑΡΙΣ»

ΠΑΡΙΣΙΟΙ, 9. (Ἀσ. Πρές). — Ἐξ ἐγκύρων πηγῶν ἐγνώσθη ὅτι ὁ πρόεδρος Ντὲ Γκὼλ ὑφίσταται ἰσχυρὰς πιέσεις ἐκ μέρους ἀνωτάτων συνεργατῶν του ὅπως ἀποδεχθῇ τὴν δημιουργίαν πολυεθνοῦς πυρηνικῆς δυνάμεως τοῦ ΝΑΤΟ.

Η ΒΟΝΝΗ ΑΠΟΡΡΙΠΤΕΙ

ΠΑΡΙΣΙΟΙ, 9. (Ἀσ. Πρές). — Ἐξ ἐγκύρων πηγῶν ἐγνώσθη ὅτι ὁ πρόεδρος Ντὲ Γκὼλ ὑφίσταται ἰσχυρὰς πιέσεις ἐκ μέρους ἀνωτάτων συνεργατῶν του ὅπως ἀποδεχθῇ τὴν δημιουργίαν πολυεθνοῦς πυρηνικῆς δυνάμεως τοῦ ΝΑΤΟ.

ΝΕΑ ΓΑΛΛΙΚΑ ΟΠΛΑ
ΣΥΝΕΡΓΑΣΙΑ

ΠΑΡΙΣΙΟΙ, 9. (Ἀσ. Πρές). — Ἐξ ἐγκύρων πηγῶν ἐγνώσθη ὅτι ὁ πρόεδρος Ντὲ Γκὼλ ὑφίσταται ἰσχυρὰς πιέσεις ἐκ μέρους ἀνωτάτων συνεργατῶν του ὅπως ἀποδεχθῇ τὴν δημιουργίαν πολυεθνοῦς πυρηνικῆς δυνάμεως τοῦ ΝΑΤΟ.

ΕΚΚΛΗΣΙΣ ΤΟΥ ΡΑΣΚ
ΜΙΚΡΑΙ ΕΞΩΤΕΡΙΚΑΙ ΕΙΔΗΣΕΙΣ ΧΩΡΙΣ ΤΙΤΛΟΝ

ΠΑΡΙΣΙΟΙ, 9. (Ἀσ. Πρές). — Ἐξ ἐγκύρων πηγῶν ἐγνώσθη ὅτι ὁ πρόεδρος Ντὲ Γκὼλ ὑφίσταται ἰσχυρὰς πιέσεις ἐκ μέρους ἀνωτάτων συνεργατῶν του ὅπως ἀποδεχθῇ τὴν δημιουργίαν πολυεθνοῦς πυρηνικῆς δυνάμεως τοῦ ΝΑΤΟ.

ΠΑΡΙΣΙΟΙ, 9. (Ἀσ. Πρές). — Ἐξ ἐγκύρων πηγῶν ἐγνώσθη ὅτι ὁ πρόεδρος Ντὲ Γκὼλ ὑφίσταται ἰσχυρὰς πιέσεις ἐκ μέρους ἀνωτάτων συνεργατῶν του ὅπως ἀποδεχθῇ τὴν δημιουργίαν πολυεθνοῦς πυρηνικῆς δυνάμεως τοῦ ΝΑΤΟ.

ΠΑΡΙΣΙΟΙ, 9. (Ἀσ. Πρές). — Ἐξ ἐγκύρων πηγῶν ἐγνώσθη ὅτι ὁ πρόεδρος Ντὲ Γκὼλ ὑφίσταται ἰσχυρὰς πιέσεις ἐκ μέρους ἀνωτάτων συνεργατῶν του ὅπως ἀποδεχθῇ τὴν δημιουργίαν πολυεθνοῦς πυρηνικῆς δυνάμεως τοῦ ΝΑΤΟ.

ΟΙ ΙΡΑΚΙΝΟΙ ΦΟΙΤΗΤΑΙ ΑΝΑΚΑΛΟΥΝΤΑΙ ΕΚ ΜΟΣΧΑΣ

ΠΑΡΙΣΙΟΙ, 9. (Ἀσ. Πρές). — Ἐξ ἐγκύρων πηγῶν ἐγνώσθη ὅτι ὁ πρόεδρος Ντὲ Γκὼλ ὑφίσταται ἰσχυρὰς πιέσεις ἐκ μέρους ἀνωτάτων συνεργατῶν του ὅπως ἀποδεχθῇ τὴν δημιουργίαν πολυεθνοῦς πυρηνικῆς δυνάμεως τοῦ ΝΑΤΟ.

ΠΑΡΙΣΙΟΙ, 9. (Ἀσ. Πρές). — Ἐξ ἐγκύρων πηγῶν ἐγνώσθη ὅτι ὁ πρόεδρος Ντὲ Γκὼλ ὑφίσταται ἰσχυρὰς πιέσεις ἐκ μέρους ἀνωτάτων συνεργατῶν του ὅπως ἀποδεχθῇ τὴν δημιουργίαν πολυεθνοῦς πυρηνικῆς δυνάμεως τοῦ ΝΑΤΟ.

ΔΟΥΞ ΚΑΙ Η ΔΟΥΚΙΣΣΑ ΤΟΥ ΚΕΝΤ

ΠΑΡΙΣΙΟΙ, 9. (Ἀσ. Πρές). — Ἐξ ἐγκύρων πηγῶν ἐγνώσθη ὅτι ὁ πρόεδρος Ντὲ Γκὼλ ὑφίσταται ἰσχυρὰς πιέσεις ἐκ μέρους ἀνωτάτων συνεργατῶν του ὅπως ἀποδεχθῇ τὴν δημιουργίαν πολυεθνοῦς πυρηνικῆς δυνάμεως τοῦ ΝΑΤΟ.

Ὁριστικὴ ἡ ἀπαγόρευσις τοῦ «Μαραθωνίου»
ΣΥΓΚΕΝΤΡΩΣΕΙΣ ΕΙΣ ΚΛΕΙΣΤΟΝ ΧΩΡΟΝ ΘΑ ΕΠΙΤΡΕΨΗ ΜΟΝΟΝ Η ΚΥΒΕΡΝΗΣΙΣ ΚΑΙ ΟΧΙ ΤΗΝ ΟΡΓΑΝΩΣΙΝ ΠΟΡΕΙΑΣ
Ἄφιξη ἐξαμελῆς ἀγγλικὴ ἀντιπροσωπεία ἀποτελουμένη ἐκ καθηγητῶν καὶ συγγραφέων
Η ΚΙΝΗΣΙΣ ΕΙΝΑΙ ΔΙΕΘΝΗΣ, ΕΔΡΕΥΕΙ ΕΙΣ ΤΟ ΛΟΝΔΙΝΟΝ ΚΑΙ ΕΥΡΙΣΚΕΤΑΙ ΜΑΚΡΑΝ ΤΩΝ ΠΟΛΙΤΙΚΩΝ ΠΑΡΑΤΑΞΕΩΝ

ΑΘΗΝΑΙ, 9. — Ὁ ὑπουργὸς τῶν Ἐσωτερικῶν κ. Δαδάκης προέβη εἰς τὴν ἀκόλουθον κατηγορηματικὴν δήλωσιν: Ἡ κυβέρνησις θὰ ἐπιτρέψῃ μόνον συγκεντρώσεις εἰς κλειστὸν χῶρον καὶ οὐχὶ τὴν ὀργάνωσιν πορείας.

ΑΓΓΛΙΚΗ ΑΝΤΙΠΡΟΣΩΠΕΙΑ

ΑΘΗΝΑΙ, 9. — Ὁ ὑπουργὸς τῶν Ἐσωτερικῶν κ. Δαδάκης προέβη εἰς τὴν ἀκόλουθον κατηγορηματικὴν δήλωσιν: Ἡ κυβέρνησις θὰ ἐπιτρέψῃ μόνον συγκεντρώσεις εἰς κλειστὸν χῶρον καὶ οὐχὶ τὴν ὀργάνωσιν πορείας.

ΑΠΑΝΤΗΣΙΣ ΕΙΣ ΤΟΝ ΥΠΟΥΡΓΟΝ

ΑΘΗΝΑΙ, 9. — Ὁ ὑπουργὸς τῶν Ἐσωτερικῶν κ. Δαδάκης προέβη εἰς τὴν ἀκόλουθον κατηγορηματικὴν δήλωσιν: Ἡ κυβέρνησις θὰ ἐπιτρέψῃ μόνον συγκεντρώσεις εἰς κλειστὸν χῶρον καὶ οὐχὶ τὴν ὀργάνωσιν πορείας.

ΑΘΗΝΑΙ, 9. — Ὁ ὑπουργὸς τῶν Ἐσωτερικῶν κ. Δαδάκης προέβη εἰς τὴν ἀκόλουθον κατηγορηματικὴν δήλωσιν: Ἡ κυβέρνησις θὰ ἐπιτρέψῃ μόνον συγκεντρώσεις εἰς κλειστὸν χῶρον καὶ οὐχὶ τὴν ὀργάνωσιν πορείας.

ΑΘΗΝΑΙ, 9. — Ὁ ὑπουργὸς τῶν Ἐσωτερικῶν κ. Δαδάκης προέβη εἰς τὴν ἀκόλουθον κατηγορηματικὴν δήλωσιν: Ἡ κυβέρνησις θὰ ἐπιτρέψῃ μόνον συγκεντρώσεις εἰς κλειστὸν χῶρον καὶ οὐχὶ τὴν ὀργάνωσιν πορείας.

ΑΘΗΝΑΙ, 9. — Ὁ ὑπουργὸς τῶν Ἐσωτερικῶν κ. Δαδάκης προέβη εἰς τὴν ἀκόλουθον κατηγορηματικὴν δήλωσιν: Ἡ κυβέρνησις θὰ ἐπιτρέψῃ μόνον συγκεντρώσεις εἰς κλειστὸν χῶρον καὶ οὐχὶ τὴν ὀργάνωσιν πορείας.

ΑΙ ΔΥΝΑΜΕΙΣ ΤΟΥ ΠΑΘΕΤ ΛΑΟ ΚΑΤΕΛΑΒΟΝ ΔΥΟ ΠΟΛΕΙΣ ΤΟΥ ΚΕΝΤΡΙΚΟΥ ΛΑΟΣ ΕΞΕΔΟΘΗ ΑΝΑΚΟΙΝΩΣΙΣ ΤΩΝ ΑΜΕΡΙΚΑΝΩΝ

ΑΘΗΝΑΙ, 9. — Ὁ ὑπουργὸς τῶν Ἐσωτερικῶν κ. Δαδάκης προέβη εἰς τὴν ἀκόλουθον κατηγορηματικὴν δήλωσιν: Ἡ κυβέρνησις θὰ ἐπιτρέψῃ μόνον συγκεντρώσεις εἰς κλειστὸν χῶρον καὶ οὐχὶ τὴν ὀργάνωσιν πορείας.

ΑΘΗΝΑΙ, 9. — Ὁ ὑπουργὸς τῶν Ἐσωτερικῶν κ. Δαδάκης προέβη εἰς τὴν ἀκόλουθον κατηγορηματικὴν δήλωσιν: Ἡ κυβέρνησις θὰ ἐπιτρέψῃ μόνον συγκεντρώσεις εἰς κλειστὸν χῶρον καὶ οὐχὶ τὴν ὀργάνωσιν πορείας.

ΑΘΗΝΑΙ, 9. — Ὁ ὑπουργὸς τῶν Ἐσωτερικῶν κ. Δαδάκης προέβη εἰς τὴν ἀκόλουθον κατηγορηματικὴν δήλωσιν: Ἡ κυβέρνησις θὰ ἐπιτρέψῃ μόνον συγκεντρώσεις εἰς κλειστὸν χῶρον καὶ οὐχὶ τὴν ὀργάνωσιν πορείας.

ΖΗΤΕΙ ΝΕΑΣ ΕΝΙΣΧΥΣΕΙΣ

ΑΘΗΝΑΙ, 9. — Ὁ ὑπουργὸς τῶν Ἐσωτερικῶν κ. Δαδάκης προέβη εἰς τὴν ἀκόλουθον κατηγορηματικὴν δήλωσιν: Ἡ κυβέρνησις θὰ ἐπιτρέψῃ μόνον συγκεντρώσεις εἰς κλειστὸν χῶρον καὶ οὐχὶ τὴν ὀργάνωσιν πορείας.

ΑΜΕΡΙΚΑΝΙΚΗ ΑΝΑΚΟΙΝΩΣΙΣ

ΑΘΗΝΑΙ, 9. — Ὁ ὑπουργὸς τῶν Ἐσωτερικῶν κ. Δαδάκης προέβη εἰς τὴν ἀκόλουθον κατηγορηματικὴν δήλωσιν: Ἡ κυβέρνησις θὰ ἐπιτρέψῃ μόνον συγκεντρώσεις εἰς κλειστὸν χῶρον καὶ οὐχὶ τὴν ὀργάνωσιν πορείας.

ΑΘΗΝΑΙ, 9. — Ὁ ὑπουργὸς τῶν Ἐσωτερικῶν κ. Δαδάκης προέβη εἰς τὴν ἀκόλουθον κατηγορηματικὴν δήλωσιν: Ἡ κυβέρνησις θὰ ἐπιτρέψῃ μόνον συγκεντρώσεις εἰς κλειστὸν χῶρον καὶ οὐχὶ τὴν ὀργάνωσιν πορείας.

ΑΝΕΥΡΕΘΗΣΑΝ ΝΕΚΡΟΙ

ΑΘΗΝΑΙ, 9. — Ὁ ὑπουργὸς τῶν Ἐσωτερικῶν κ. Δαδάκης προέβη εἰς τὴν ἀκόλουθον κατηγορηματικὴν δήλωσιν: Ἡ κυβέρνησις θὰ ἐπιτρέψῃ μόνον συγκεντρώσεις εἰς κλειστὸν χῶρον καὶ οὐχὶ τὴν ὀργάνωσιν πορείας.

Η ΕΠΙΤΡΟΠΗ ΕΛΕΓΧΟΥ

ΑΘΗΝΑΙ, 9. — Ὁ ὑπουργὸς τῶν Ἐσωτερικῶν κ. Δαδάκης προέβη εἰς τὴν ἀκόλουθον κατηγορηματικὴν δήλωσιν: Ἡ κυβέρνησις θὰ ἐπιτρέψῃ μόνον συγκεντρώσεις εἰς κλειστὸν χῶρον καὶ οὐχὶ τὴν ὀργάνωσιν πορείας.

ΤΟΝΥ ΕΣΚΟΝΤΑ
ΟΙ ΦΙΛΕΛΕΥΘΕΡΟΙ ΕΚΕΡΔΙΣΑΝ ΕΙΣ ΚΑΝΑΔΑΝ ΤΑΣ ΒΟΥΛΕΥΤΙΚΑΣ ΕΚΛΟΓΑΣ ΣΥΓΚΕΝΤΡΩΣΑΝΤΕΣ ΕΚ ΤΩΝ 265 ΕΔΡΩΝ ΤΑΣ 126

ΑΘΗΝΑΙ, 9. — Ὁ ὑπουργὸς τῶν Ἐσωτερικῶν κ. Δαδάκης προέβη εἰς τὴν ἀκόλουθον κατηγορηματικὴν δήλωσιν: Ἡ κυβέρνησις θὰ ἐπιτρέψῃ μόνον συγκεντρώσεις εἰς κλειστὸν χῶρον καὶ οὐχὶ τὴν ὀργάνωσιν πορείας.

ΑΘΗΝΑΙ, 9. — Ὁ ὑπουργὸς τῶν Ἐσωτερικῶν κ. Δαδάκης προέβη εἰς τὴν ἀκόλουθον κατηγορηματικὴν δήλωσιν: Ἡ κυβέρνησις θὰ ἐπιτρέψῃ μόνον συγκεντρώσεις εἰς κλειστὸν χῶρον καὶ οὐχὶ τὴν ὀργάνωσιν πορείας.

ΟΙ ΕΚΛΕΓΕΝΤΕΣ

ΑΘΗΝΑΙ, 9. — Ὁ ὑπουργὸς τῶν Ἐσωτερικῶν κ. Δαδάκης προέβη εἰς τὴν ἀκόλουθον κατηγορηματικὴν δήλωσιν: Ἡ κυβέρνησις θὰ ἐπιτρέψῃ μόνον συγκεντρώσεις εἰς κλειστὸν χῶρον καὶ οὐχὶ τὴν ὀργάνωσιν πορείας.

ΑΘΗΝΑΙ, 9. — Ὁ ὑπουργὸς τῶν Ἐσωτερικῶν κ. Δαδάκης προέβη εἰς τὴν ἀκόλουθον κατηγορηματικὴν δήλωσιν: Ἡ κυβέρνησις θὰ ἐπιτρέψῃ μόνον συγκεντρώσεις εἰς κλειστὸν χῶρον καὶ οὐχὶ τὴν ὀργάνωσιν πορείας.

ΘΑ ΣΥΝΕΡΓΑΣΘΗ

ΑΘΗΝΑΙ, 9. — Ὁ ὑπουργὸς τῶν Ἐσωτερικῶν κ. Δαδάκης προέβη εἰς τὴν ἀκόλουθον κατηγορηματικὴν δήλωσιν: Ἡ κυβέρνησις θὰ ἐπιτρέψῃ μόνον συγκεντρώσεις εἰς κλειστὸν χῶρον καὶ οὐχὶ τὴν ὀργάνωσιν πορείας.

127 ΕΔΡΑΙ

ΑΘΗΝΑΙ, 9. — Ὁ ὑπουργὸς τῶν Ἐσωτερικῶν κ. Δαδάκης προέβη εἰς τὴν ἀκόλουθον κατηγορηματικὴν δήλωσιν: Ἡ κυβέρνησις θὰ ἐπιτρέψῃ μόνον συγκεντρώσεις εἰς κλειστὸν χῶρον καὶ οὐχὶ τὴν ὀργάνωσιν πορείας.

ΑΘΗΝΑΙ, 9. — Ὁ ὑπουργὸς τῶν Ἐσωτερικῶν κ. Δαδάκης προέβη εἰς τὴν ἀκόλουθον κατηγορηματικὴν δήλωσιν: Ἡ κυβέρνησις θὰ ἐπιτρέψῃ μόνον συγκεντρώσεις εἰς κλειστὸν χῶρον καὶ οὐχὶ τὴν ὀργάνωσιν πορείας.

ΜΙΣΕΝ ΜΠΑΣΣΕΤ
Ο ΝΕΟΣ ΕΝ ΑΥΣΤΡΑΛΙΑ ΡΩΣΣΟΣ ΠΡΕΣΒΕΥΤΗΣ ΕΔΩΣΕ ΣΥΝΕΝΤΕΥΞΙΝ ΠΡΟΣ ΤΑΣ ΕΦΗΜΕΡΙΔΑΣ

ΑΘΗΝΑΙ, 9. — Ὁ ὑπουργὸς τῶν Ἐσωτερικῶν κ. Δαδάκης προέβη εἰς τὴν ἀκόλουθον κατηγορηματικὴν δήλωσιν: Ἡ κυβέρνησις θὰ ἐπιτρέψῃ μόνον συγκεντρώσεις εἰς κλειστὸν χῶρον καὶ οὐχὶ τὴν ὀργάνωσιν πορείας.

ΑΘΗΝΑΙ, 9. — Ὁ ὑπουργὸς τῶν Ἐσωτερικῶν κ. Δαδάκης προέβη εἰς τὴν ἀκόλουθον κατηγορηματικὴν δήλωσιν: Ἡ κυβέρνησις θὰ ἐπιτρέψῃ μόνον συγκεντρώσεις εἰς κλειστὸν χῶρον καὶ οὐχὶ τὴν ὀργάνωσιν πορείας.

ΟΙ ΟΛΛΑΝΔΟΙ ΔΕΝ ΘΕΛΟΥΝ
εἰς τὴν χώραν των
ΣΤΡΑΤΙΩΤΑΣ ΤΗΣ ΒΟΝΝΗΣ
Ἀπεδοκιμάσθη τὸ κοινοβούλιον
διότι ἐπεκύρωσε τὴν συμφωνίαν

ΑΘΗΝΑΙ, 9. — Ὁ ὑπουργὸς τῶν Ἐσωτερικῶν κ. Δαδάκης προέβη εἰς τὴν ἀκόλουθον κατηγορηματικὴν δήλωσιν: Ἡ κυβέρνησις θὰ ἐπιτρέψῃ μόνον συγκεντρώσεις εἰς κλειστὸν χῶρον καὶ οὐχὶ τὴν ὀργάνωσιν πορείας.

ΑΘΗΝΑΙ, 9. — Ὁ ὑπουργὸς τῶν Ἐσωτερικῶν κ. Δαδάκης προέβη εἰς τὴν ἀκόλουθον κατηγορηματικὴν δήλωσιν: Ἡ κυβέρνησις θὰ ἐπιτρέψῃ μόνον συγκεντρώσεις εἰς κλειστὸν χῶρον καὶ οὐχὶ τὴν ὀργάνωσιν πορείας.
